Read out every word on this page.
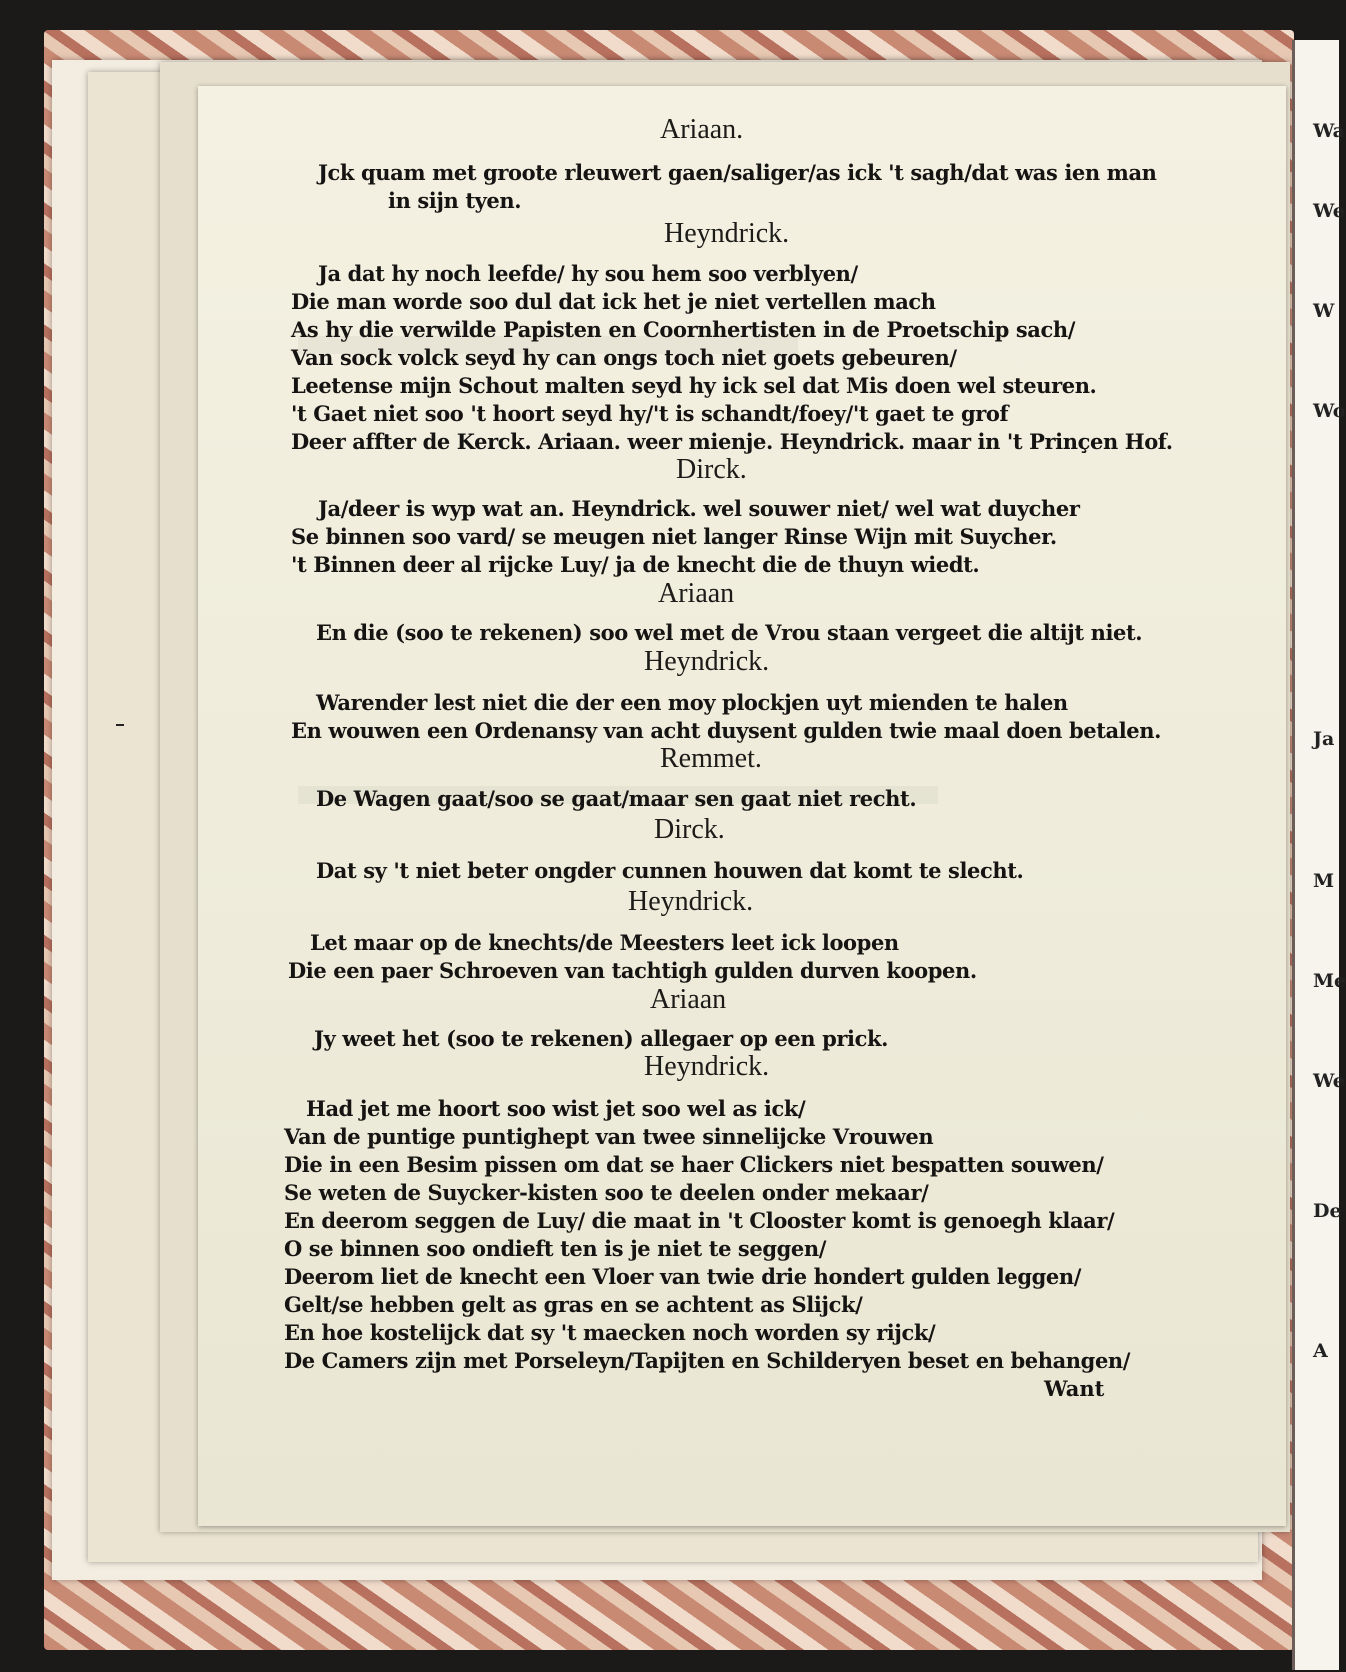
Wa
We
W
Wo
Ja
M
Me
We
De
A
Ariaan.
Jck quam met groote rleuwert gaen/saliger/as ick 't sagh/dat was ien man
in sijn tyen.
Heyndrick.
Ja dat hy noch leefde/ hy sou hem soo verblyen/
Die man worde soo dul dat ick het je niet vertellen mach
As hy die verwilde Papisten en Coornhertisten in de Proetschip sach/
Van sock volck seyd hy can ongs toch niet goets gebeuren/
Leetense mijn Schout malten seyd hy ick sel dat Mis doen wel steuren.
't Gaet niet soo 't hoort seyd hy/'t is schandt/foey/'t gaet te grof
Deer affter de Kerck. Ariaan. weer mienje. Heyndrick. maar in 't Prinçen Hof.
Dirck.
Ja/deer is wyp wat an. Heyndrick. wel souwer niet/ wel wat duycher
Se binnen soo vard/ se meugen niet langer Rinse Wijn mit Suycher.
't Binnen deer al rijcke Luy/ ja de knecht die de thuyn wiedt.
Ariaan
En die (soo te rekenen) soo wel met de Vrou staan vergeet die altijt niet.
Heyndrick.
Warender lest niet die der een moy plockjen uyt mienden te halen
En wouwen een Ordenansy van acht duysent gulden twie maal doen betalen.
Remmet.
De Wagen gaat/soo se gaat/maar sen gaat niet recht.
Dirck.
Dat sy 't niet beter ongder cunnen houwen dat komt te slecht.
Heyndrick.
Let maar op de knechts/de Meesters leet ick loopen
Die een paer Schroeven van tachtigh gulden durven koopen.
Ariaan
Jy weet het (soo te rekenen) allegaer op een prick.
Heyndrick.
Had jet me hoort soo wist jet soo wel as ick/
Van de puntige puntighept van twee sinnelijcke Vrouwen
Die in een Besim pissen om dat se haer Clickers niet bespatten souwen/
Se weten de Suycker-kisten soo te deelen onder mekaar/
En deerom seggen de Luy/ die maat in 't Clooster komt is genoegh klaar/
O se binnen soo ondieft ten is je niet te seggen/
Deerom liet de knecht een Vloer van twie drie hondert gulden leggen/
Gelt/se hebben gelt as gras en se achtent as Slijck/
En hoe kostelijck dat sy 't maecken noch worden sy rijck/
De Camers zijn met Porseleyn/Tapijten en Schilderyen beset en behangen/
Want
